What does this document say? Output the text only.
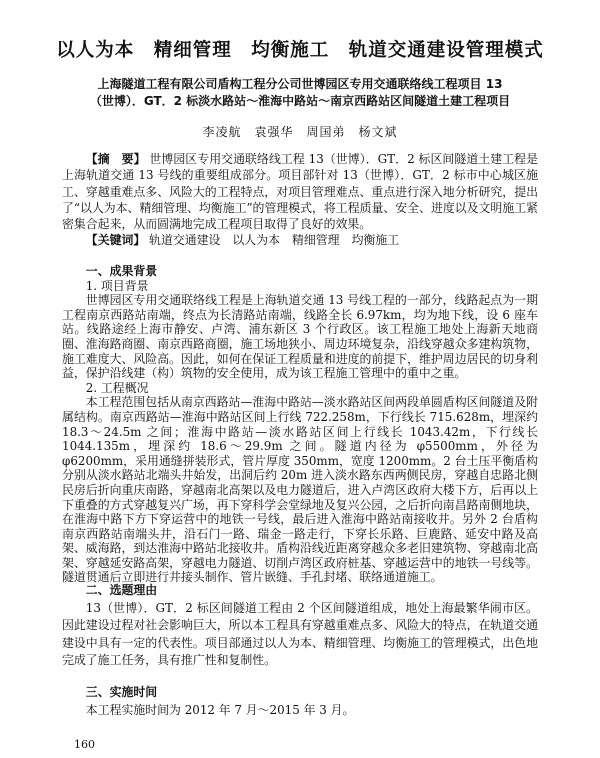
以人为本　精细管理　均衡施工　轨道交通建设管理模式
上海隧道工程有限公司盾构工程分公司世博园区专用交通联络线工程项目 13
（世博）．GT．2 标淡水路站～淮海中路站～南京西路站区间隧道土建工程项目
李凌航　袁强华　周国弟　杨文斌

【摘　要】 世博园区专用交通联络线工程 13（世博）．GT．2 标区间隧道土建工程是上海轨道交通 13 号线的重要组成部分。项目部针对 13（世博）．GT．2 标市中心城区施工、穿越重难点多、风险大的工程特点，对项目管理难点、重点进行深入地分析研究，提出了“以人为本、精细管理、均衡施工”的管理模式，将工程质量、安全、进度以及文明施工紧密集合起来，从而圆满地完成工程项目取得了良好的效果。

【关键词】 轨道交通建设 以人为本 精细管理 均衡施工

一、成果背景

1. 项目背景

世博园区专用交通联络线工程是上海轨道交通 13 号线工程的一部分，线路起点为一期工程南京西路站南端，终点为长清路站南端，线路全长 6.97km，均为地下线，设 6 座车站。线路途经上海市静安、卢湾、浦东新区 3 个行政区。该工程施工地处上海新天地商圈、淮海路商圈、南京西路商圈，施工场地狭小、周边环境复杂，沿线穿越众多建构筑物，施工难度大、风险高。因此，如何在保证工程质量和进度的前提下，维护周边居民的切身利益，保护沿线建（构）筑物的安全使用，成为该工程施工管理中的重中之重。

2. 工程概况

本工程范围包括从南京西路站—淮海中路站—淡水路站区间两段单圆盾构区间隧道及附属结构。南京西路站—淮海中路站区间上行线 722.258m，下行线长 715.628m，埋深约 18.3～24.5m 之间；淮海中路站—淡水路站区间上行线长 1043.42m，下行线长 1044.135m，埋深约 18.6～29.9m 之间。隧道内径为 φ5500mm，外径为 φ6200mm，采用通缝拼装形式，管片厚度 350mm，宽度 1200mm。2 台土压平衡盾构分别从淡水路站北端头井始发，出洞后约 20m 进入淡水路东西两侧民房，穿越自忠路北侧民房后折向重庆南路，穿越南北高架以及电力隧道后，进入卢湾区政府大楼下方，后再以上下重叠的方式穿越复兴广场，再下穿科学会堂绿地及复兴公园，之后折向南昌路南侧地块，在淮海中路下方下穿运营中的地铁一号线，最后进入淮海中路站南接收井。另外 2 台盾构南京西路站南端头井，沿石门一路、瑞金一路走行，下穿长乐路、巨鹿路、延安中路及高架、威海路，到达淮海中路站北接收井。盾构沿线近距离穿越众多老旧建筑物、穿越南北高架、穿越延安路高架，穿越电力隧道、切削卢湾区政府桩基、穿越运营中的地铁一号线等。隧道贯通后立即进行井接头制作、管片嵌缝、手孔封堵、联络通道施工。

二、选题理由

13（世博）．GT．2 标区间隧道工程由 2 个区间隧道组成，地处上海最繁华闹市区。因此建设过程对社会影响巨大，所以本工程具有穿越重难点多、风险大的特点，在轨道交通建设中具有一定的代表性。项目部通过以人为本、精细管理、均衡施工的管理模式，出色地完成了施工任务，具有推广性和复制性。

三、实施时间

本工程实施时间为 2012 年 7 月～2015 年 3 月。

160
